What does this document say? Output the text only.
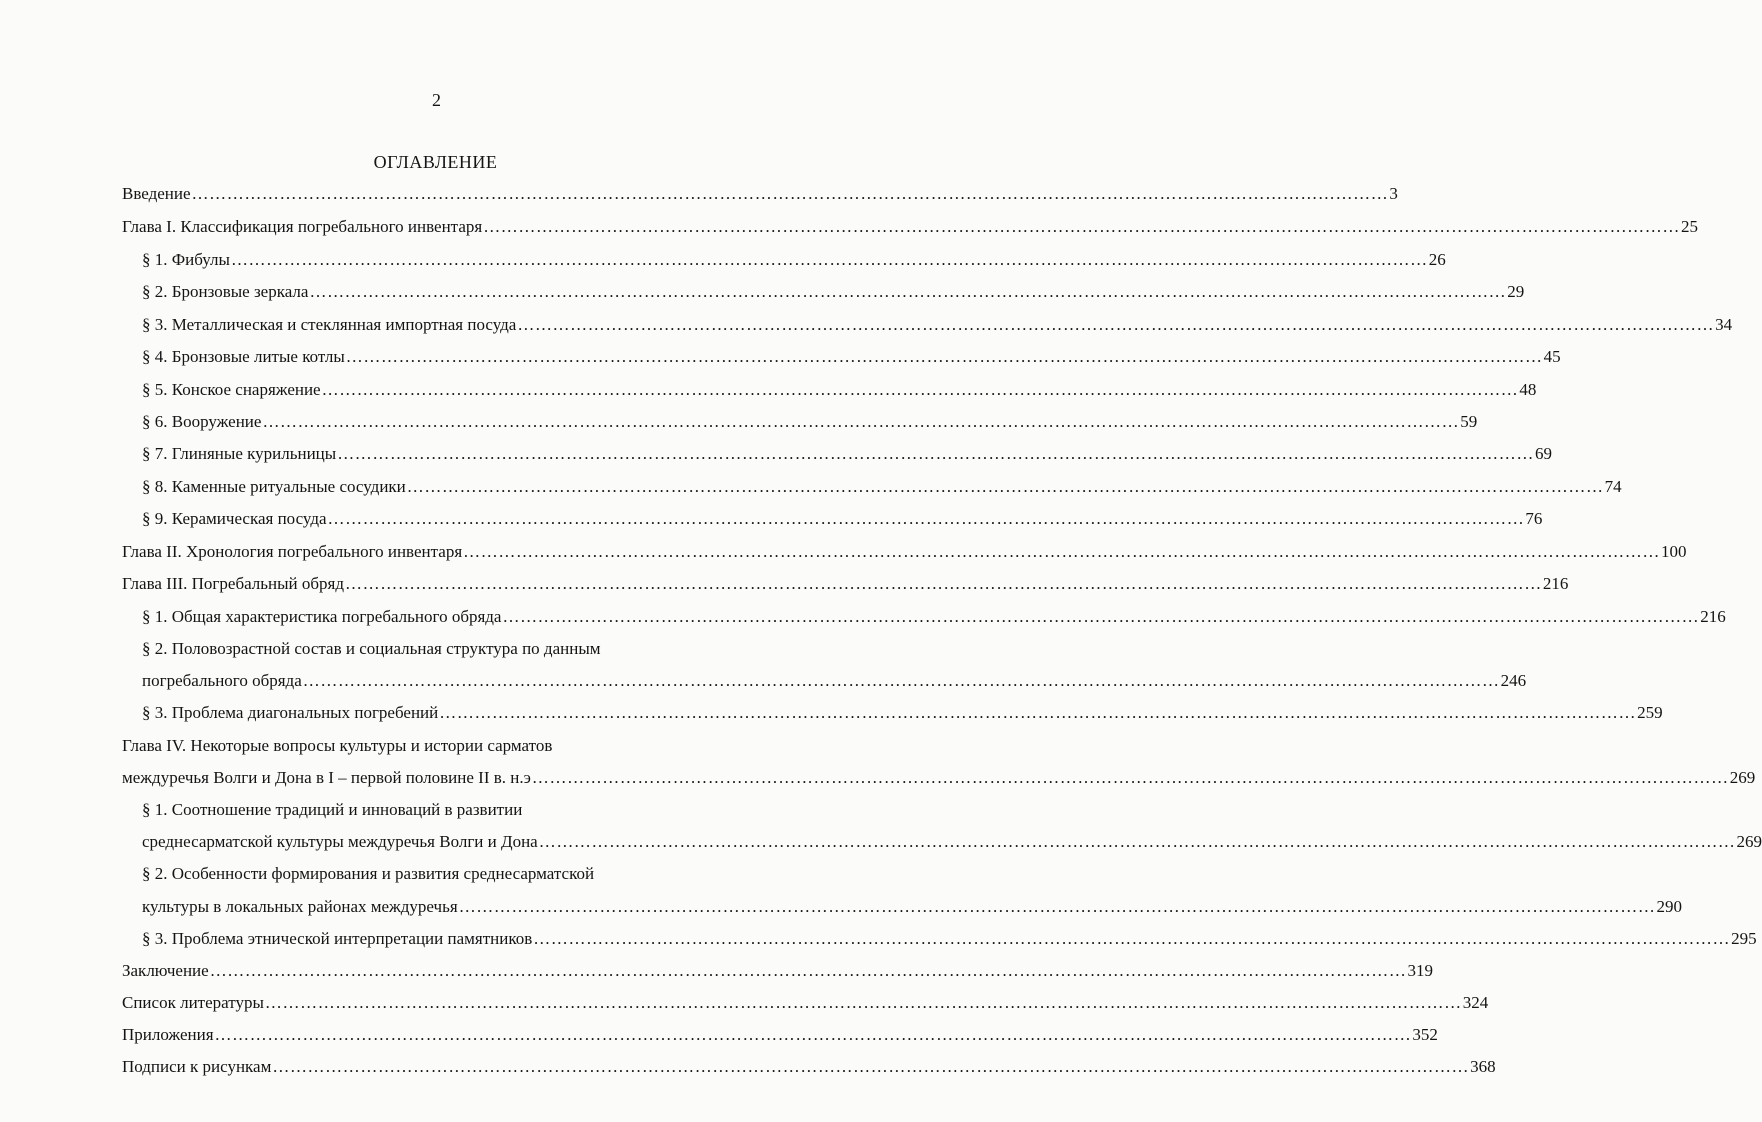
2
ОГЛАВЛЕНИЕ
Введение …………………………………………………………………………………………………………………………………………………………………………………… 3
Глава I. Классификация погребального инвентаря …………………………………………………………………………………………………………………………………………………………………………………… 25
§ 1. Фибулы …………………………………………………………………………………………………………………………………………………………………………………… 26
§ 2. Бронзовые зеркала …………………………………………………………………………………………………………………………………………………………………………………… 29
§ 3. Металлическая и стеклянная импортная посуда …………………………………………………………………………………………………………………………………………………………………………………… 34
§ 4. Бронзовые литые котлы …………………………………………………………………………………………………………………………………………………………………………………… 45
§ 5. Конское снаряжение …………………………………………………………………………………………………………………………………………………………………………………… 48
§ 6. Вооружение …………………………………………………………………………………………………………………………………………………………………………………… 59
§ 7. Глиняные курильницы …………………………………………………………………………………………………………………………………………………………………………………… 69
§ 8. Каменные ритуальные сосудики …………………………………………………………………………………………………………………………………………………………………………………… 74
§ 9. Керамическая посуда …………………………………………………………………………………………………………………………………………………………………………………… 76
Глава II. Хронология погребального инвентаря …………………………………………………………………………………………………………………………………………………………………………………… 100
Глава III. Погребальный обряд …………………………………………………………………………………………………………………………………………………………………………………… 216
§ 1. Общая характеристика погребального обряда …………………………………………………………………………………………………………………………………………………………………………………… 216
§ 2. Половозрастной состав и социальная структура по данным
погребального обряда …………………………………………………………………………………………………………………………………………………………………………………… 246
§ 3. Проблема диагональных погребений …………………………………………………………………………………………………………………………………………………………………………………… 259
Глава IV. Некоторые вопросы культуры и истории сарматов
междуречья Волги и Дона в I – первой половине II в. н.э …………………………………………………………………………………………………………………………………………………………………………………… 269
§ 1. Соотношение традиций и инноваций в развитии
среднесарматской культуры междуречья Волги и Дона …………………………………………………………………………………………………………………………………………………………………………………… 269
§ 2. Особенности формирования и развития среднесарматской
культуры в локальных районах междуречья …………………………………………………………………………………………………………………………………………………………………………………… 290
§ 3. Проблема этнической интерпретации памятников …………………………………………………………………………………………………………………………………………………………………………………… 295
Заключение …………………………………………………………………………………………………………………………………………………………………………………… 319
Список литературы …………………………………………………………………………………………………………………………………………………………………………………… 324
Приложения …………………………………………………………………………………………………………………………………………………………………………………… 352
Подписи к рисункам …………………………………………………………………………………………………………………………………………………………………………………… 368
